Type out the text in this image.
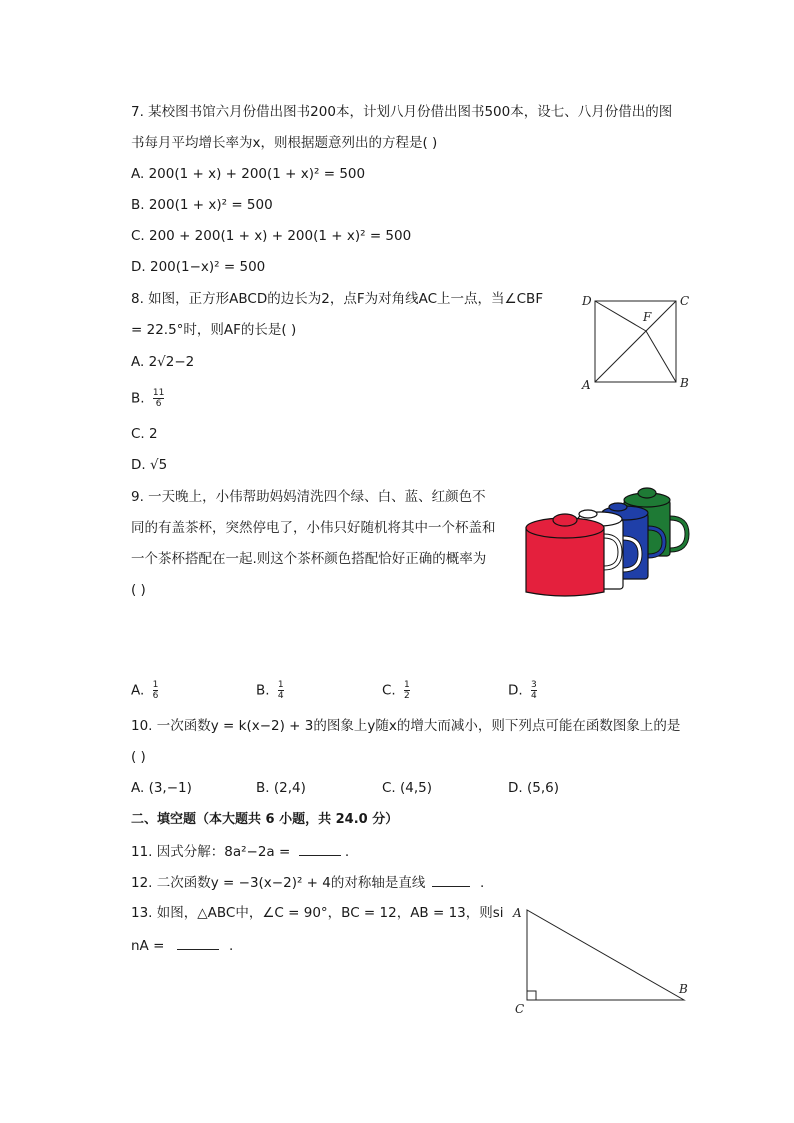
7. 某校图书馆六月份借出图书200本，计划八月份借出图书500本，设七、八月份借出的图
书每月平均增长率为x，则根据题意列出的方程是( )
A. 200(1 + x) + 200(1 + x)² = 500
B. 200(1 + x)² = 500
C. 200 + 200(1 + x) + 200(1 + x)² = 500
D. 200(1−x)² = 500
8. 如图，正方形ABCD的边长为2，点F为对角线AC上一点，当∠CBF
= 22.5°时，则AF的长是( )
A. 2√2−2
B. $\frac{11}{6}$
C. 2
D. √5
D	C
F
A	B
9. 一天晚上，小伟帮助妈妈清洗四个绿、白、蓝、红颜色不
同的有盖茶杯，突然停电了，小伟只好随机将其中一个杯盖和
一个茶杯搭配在一起.则这个茶杯颜色搭配恰好正确的概率为
( )
A. $\frac{1}{6}$	B. $\frac{1}{4}$	C. $\frac{1}{2}$	D. $\frac{3}{4}$
10. 一次函数y = k(x−2) + 3的图象上y随x的增大而减小，则下列点可能在函数图象上的是
( )
A. (3,−1)	B. (2,4)	C. (4,5)	D. (5,6)
二、填空题（本大题共 6 小题，共 24.0 分）
11. 因式分解：8a²−2a =	.
12. 二次函数y = −3(x−2)² + 4的对称轴是直线	.
13. 如图，△ABC中，∠C = 90°，BC = 12，AB = 13，则si
nA =	.
A
B
C
